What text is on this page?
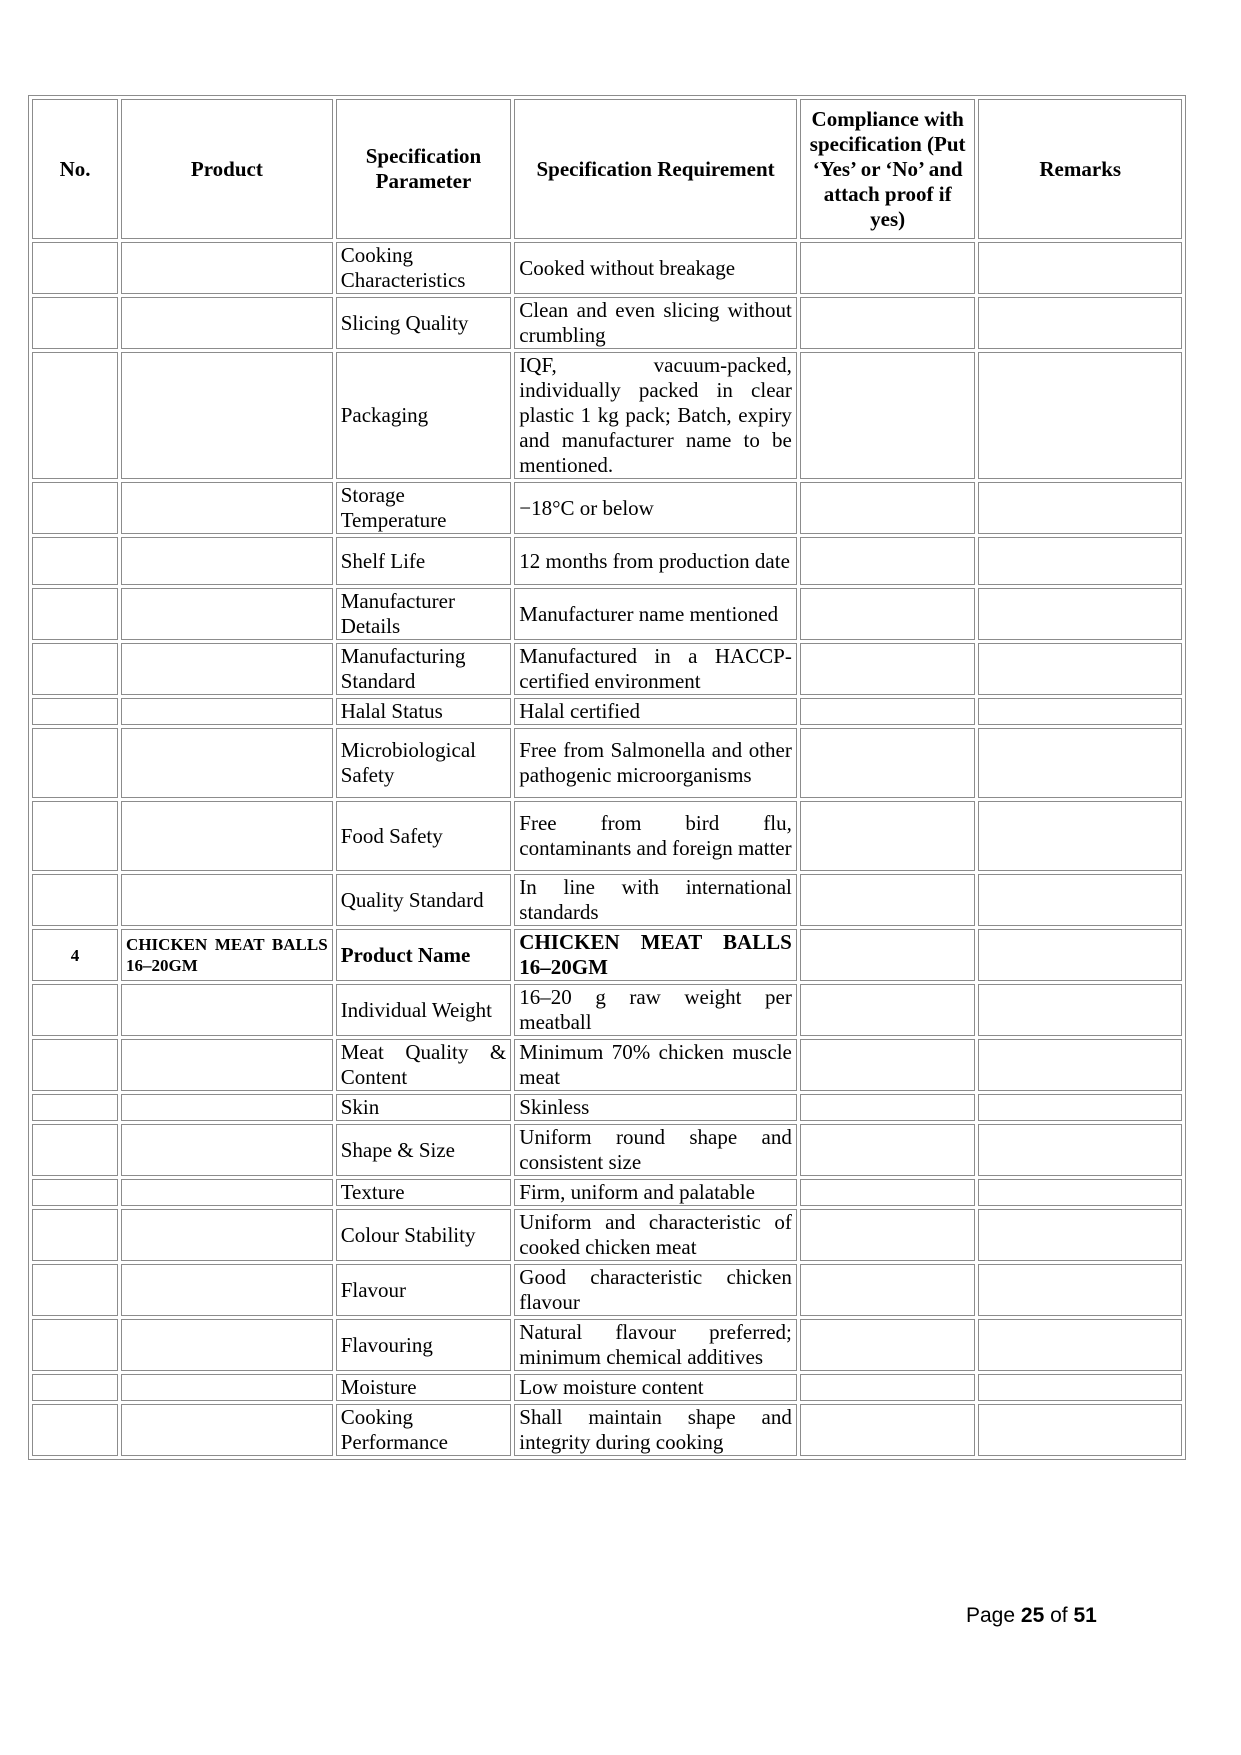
No.	Product	Specification Parameter	Specification Requirement	Compliance with specification (Put ‘Yes’ or ‘No’ and attach proof if yes)	Remarks
		Cooking Characteristics	Cooked without breakage		
		Slicing Quality	Clean and even slicing without crumbling		
		Packaging	IQF, vacuum-packed, individually packed in clear plastic 1 kg pack; Batch, expiry and manufacturer name to be mentioned.		
		Storage Temperature	−18°C or below		
		Shelf Life	12 months from production date		
		Manufacturer Details	Manufacturer name mentioned		
		Manufacturing Standard	Manufactured in a HACCP-certified environment		
		Halal Status	Halal certified		
		Microbiological Safety	Free from Salmonella and other pathogenic microorganisms		
		Food Safety	Free from bird flu, contaminants and foreign matter		
		Quality Standard	In line with international standards		
4	CHICKEN MEAT BALLS 16–20GM	Product Name	CHICKEN MEAT BALLS 16–20GM		
		Individual Weight	16–20 g raw weight per meatball		
		Meat Quality & Content	Minimum 70% chicken muscle meat		
		Skin	Skinless		
		Shape & Size	Uniform round shape and consistent size		
		Texture	Firm, uniform and palatable		
		Colour Stability	Uniform and characteristic of cooked chicken meat		
		Flavour	Good characteristic chicken flavour		
		Flavouring	Natural flavour preferred; minimum chemical additives		
		Moisture	Low moisture content		
		Cooking Performance	Shall maintain shape and integrity during cooking		
Page 25 of 51
